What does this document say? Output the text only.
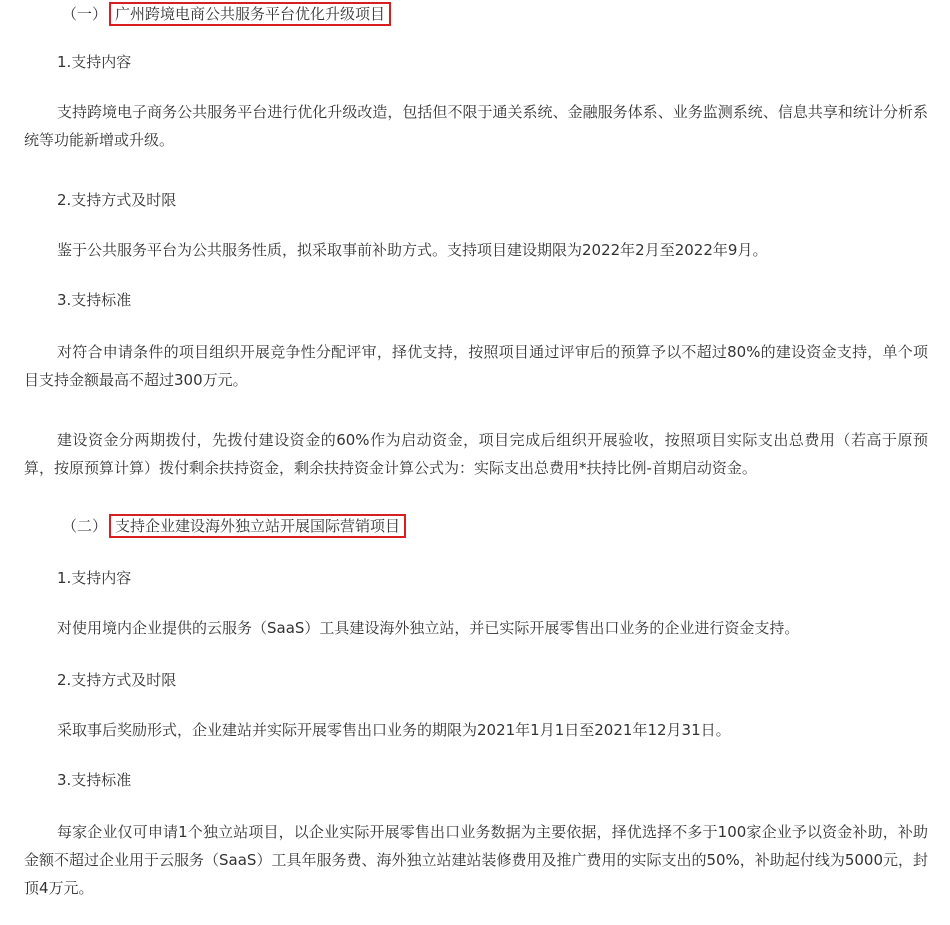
（一） 广州跨境电商公共服务平台优化升级项目
1.支持内容
支持跨境电子商务公共服务平台进行优化升级改造，包括但不限于通关系统、金融服务体系、业务监测系统、信息共享和统计分析系统等功能新增或升级。
2.支持方式及时限
鉴于公共服务平台为公共服务性质，拟采取事前补助方式。支持项目建设期限为2022年2月至2022年9月。
3.支持标准
对符合申请条件的项目组织开展竞争性分配评审，择优支持，按照项目通过评审后的预算予以不超过80%的建设资金支持，单个项目支持金额最高不超过300万元。
建设资金分两期拨付，先拨付建设资金的60%作为启动资金，项目完成后组织开展验收，按照项目实际支出总费用（若高于原预算，按原预算计算）拨付剩余扶持资金，剩余扶持资金计算公式为：实际支出总费用*扶持比例-首期启动资金。
（二） 支持企业建设海外独立站开展国际营销项目
1.支持内容
对使用境内企业提供的云服务（SaaS）工具建设海外独立站，并已实际开展零售出口业务的企业进行资金支持。
2.支持方式及时限
采取事后奖励形式，企业建站并实际开展零售出口业务的期限为2021年1月1日至2021年12月31日。
3.支持标准
每家企业仅可申请1个独立站项目，以企业实际开展零售出口业务数据为主要依据，择优选择不多于100家企业予以资金补助，补助金额不超过企业用于云服务（SaaS）工具年服务费、海外独立站建站装修费用及推广费用的实际支出的50%，补助起付线为5000元，封顶4万元。
